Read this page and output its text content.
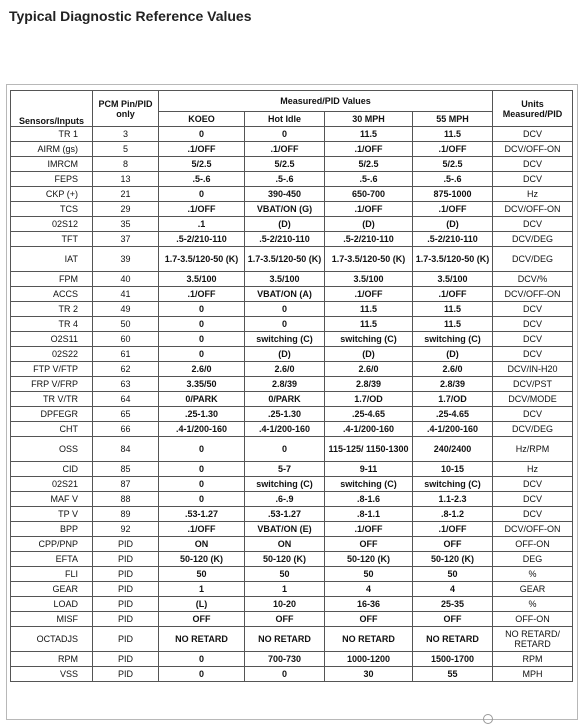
Typical Diagnostic Reference Values
Sensors/Inputs	PCM Pin/PID only	Measured/PID Values				Units Measured/PID
		KOEO	Hot Idle	30 MPH	55 MPH	
TR 1	3	0	0	11.5	11.5	DCV
AIRM (gs)	5	.1/OFF	.1/OFF	.1/OFF	.1/OFF	DCV/OFF-ON
IMRCM	8	5/2.5	5/2.5	5/2.5	5/2.5	DCV
FEPS	13	.5-.6	.5-.6	.5-.6	.5-.6	DCV
CKP (+)	21	0	390-450	650-700	875-1000	Hz
TCS	29	.1/OFF	VBAT/ON (G)	.1/OFF	.1/OFF	DCV/OFF-ON
02S12	35	.1	(D)	(D)	(D)	DCV
TFT	37	.5-2/210-110	.5-2/210-110	.5-2/210-110	.5-2/210-110	DCV/DEG
IAT	39	1.7-3.5/120-50 (K)	1.7-3.5/120-50 (K)	1.7-3.5/120-50 (K)	1.7-3.5/120-50 (K)	DCV/DEG
FPM	40	3.5/100	3.5/100	3.5/100	3.5/100	DCV/%
ACCS	41	.1/OFF	VBAT/ON (A)	.1/OFF	.1/OFF	DCV/OFF-ON
TR 2	49	0	0	11.5	11.5	DCV
TR 4	50	0	0	11.5	11.5	DCV
O2S11	60	0	switching (C)	switching (C)	switching (C)	DCV
02S22	61	0	(D)	(D)	(D)	DCV
FTP V/FTP	62	2.6/0	2.6/0	2.6/0	2.6/0	DCV/IN-H20
FRP V/FRP	63	3.35/50	2.8/39	2.8/39	2.8/39	DCV/PST
TR V/TR	64	0/PARK	0/PARK	1.7/OD	1.7/OD	DCV/MODE
DPFEGR	65	.25-1.30	.25-1.30	.25-4.65	.25-4.65	DCV
CHT	66	.4-1/200-160	.4-1/200-160	.4-1/200-160	.4-1/200-160	DCV/DEG
OSS	84	0	0	115-125/ 1150-1300	240/2400	Hz/RPM
CID	85	0	5-7	9-11	10-15	Hz
02S21	87	0	switching (C)	switching (C)	switching (C)	DCV
MAF V	88	0	.6-.9	.8-1.6	1.1-2.3	DCV
TP V	89	.53-1.27	.53-1.27	.8-1.1	.8-1.2	DCV
BPP	92	.1/OFF	VBAT/ON (E)	.1/OFF	.1/OFF	DCV/OFF-ON
CPP/PNP	PID	ON	ON	OFF	OFF	OFF-ON
EFTA	PID	50-120 (K)	50-120 (K)	50-120 (K)	50-120 (K)	DEG
FLI	PID	50	50	50	50	%
GEAR	PID	1	1	4	4	GEAR
LOAD	PID	(L)	10-20	16-36	25-35	%
MISF	PID	OFF	OFF	OFF	OFF	OFF-ON
OCTADJS	PID	NO RETARD	NO RETARD	NO RETARD	NO RETARD	NO RETARD/ RETARD
RPM	PID	0	700-730	1000-1200	1500-1700	RPM
VSS	PID	0	0	30	55	MPH
